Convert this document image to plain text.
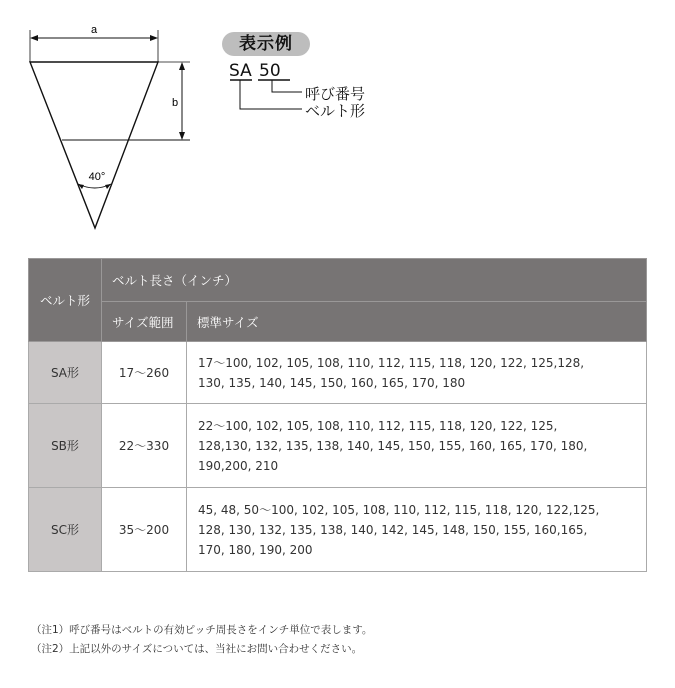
a
b
40°
表示例
SA 50
呼び番号
ベルト形
ベルト形	ベルト長さ（インチ）	
	サイズ範囲	標準サイズ
SA形	17～260	17～100, 102, 105, 108, 110, 112, 115, 118, 120, 122, 125,128,
130, 135, 140, 145, 150, 160, 165, 170, 180

SB形	22～330	22～100, 102, 105, 108, 110, 112, 115, 118, 120, 122, 125,
128,130, 132, 135, 138, 140, 145, 150, 155, 160, 165, 170, 180,
190,200, 210

SC形	35～200	45, 48, 50～100, 102, 105, 108, 110, 112, 115, 118, 120, 122,125,
128, 130, 132, 135, 138, 140, 142, 145, 148, 150, 155, 160,165,
170, 180, 190, 200
（注1）呼び番号はベルトの有効ピッチ周長さをインチ単位で表します。
（注2）上記以外のサイズについては、当社にお問い合わせください。
